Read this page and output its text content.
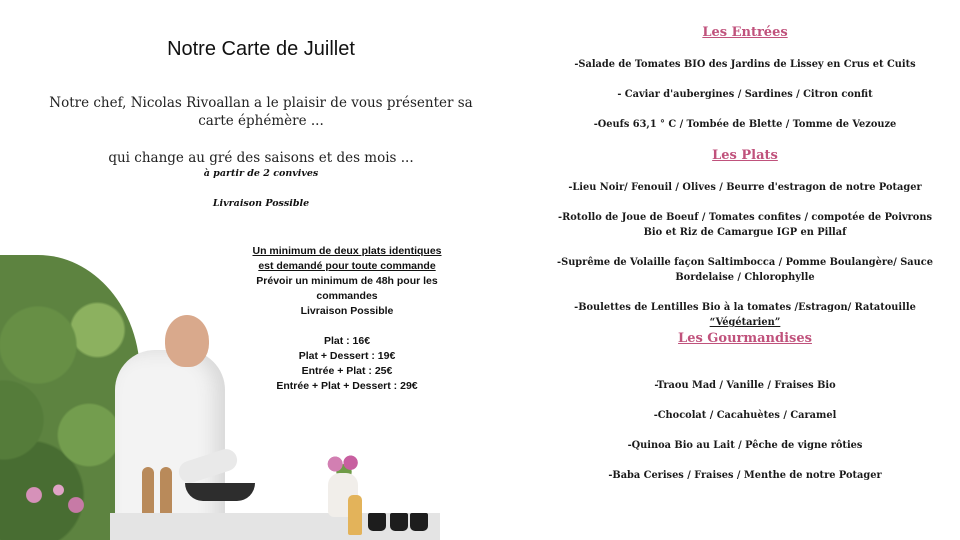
Notre Carte de Juillet
Notre chef, Nicolas Rivoallan a le plaisir de vous présenter sa carte éphémère ...
qui change au gré des saisons et des mois ...
à partir de 2 convives
Livraison Possible
Un minimum de deux plats identiques
est demandé pour toute commande
Prévoir un minimum de 48h pour les commandes
Livraison Possible
Plat : 16€
Plat + Dessert : 19€
Entrée + Plat : 25€
Entrée + Plat + Dessert : 29€
Les Entrées
-Salade de Tomates BIO des Jardins de Lissey en Crus et Cuits
- Caviar d'aubergines / Sardines / Citron confit
-Oeufs 63,1 ° C / Tombée de Blette / Tomme de Vezouze
Les Plats
-Lieu Noir/ Fenouil / Olives / Beurre d'estragon de notre Potager
-Rotollo de Joue de Boeuf / Tomates confites / compotée de Poivrons Bio et Riz de Camargue IGP en Pillaf
-Suprême de Volaille façon Saltimbocca / Pomme Boulangère/ Sauce Bordelaise / Chlorophylle
-Boulettes de Lentilles Bio à la tomates /Estragon/ Ratatouille “Végétarien”
Les Gourmandises
-Traou Mad / Vanille / Fraises Bio
-Chocolat / Cacahuètes / Caramel
-Quinoa Bio au Lait / Pêche de vigne rôties
-Baba Cerises / Fraises / Menthe de notre Potager
